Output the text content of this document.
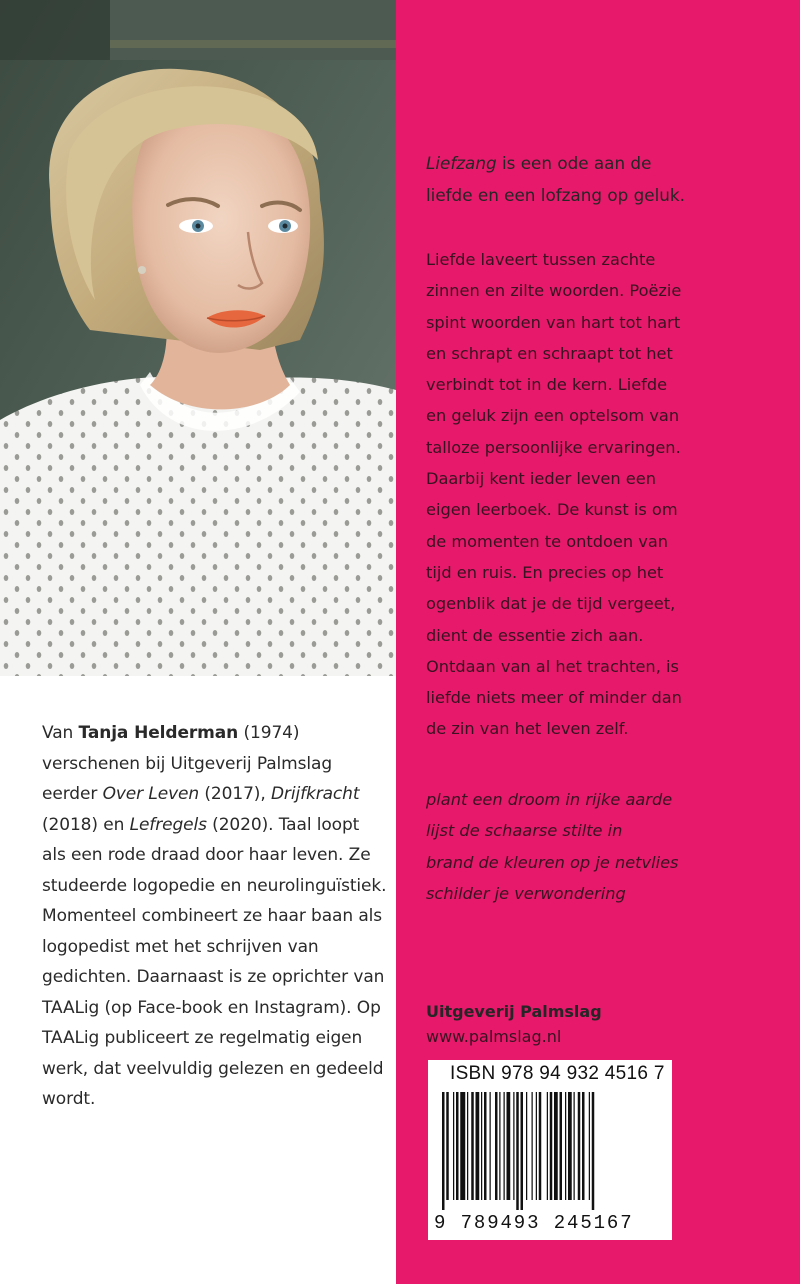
Van Tanja Helderman (1974) verschenen bij Uitgeverij Palmslag eerder Over Leven (2017), Drijfkracht (2018) en Lefregels (2020). Taal loopt als een rode draad door haar leven. Ze studeerde logopedie en neurolinguïstiek. Momenteel combineert ze haar baan als logopedist met het schrijven van gedichten. Daarnaast is ze oprichter van TAALig (op Face-book en Instagram). Op TAALig publiceert ze regelmatig eigen werk, dat veelvuldig gelezen en gedeeld wordt.
Liefzang is een ode aan de
liefde en een lofzang op geluk.
Liefde laveert tussen zachte
zinnen en zilte woorden. Poëzie
spint woorden van hart tot hart
en schrapt en schraapt tot het
verbindt tot in de kern. Liefde
en geluk zijn een optelsom van
talloze persoonlijke ervaringen.
Daarbij kent ieder leven een
eigen leerboek. De kunst is om
de momenten te ontdoen van
tijd en ruis. En precies op het
ogenblik dat je de tijd vergeet,
dient de essentie zich aan.
Ontdaan van al het trachten, is
liefde niets meer of minder dan
de zin van het leven zelf.
plant een droom in rijke aarde
lijst de schaarse stilte in
brand de kleuren op je netvlies
schilder je verwondering
Uitgeverij Palmslag
www.palmslag.nl
ISBN 978 94 932 4516 7
9 789493 245167
